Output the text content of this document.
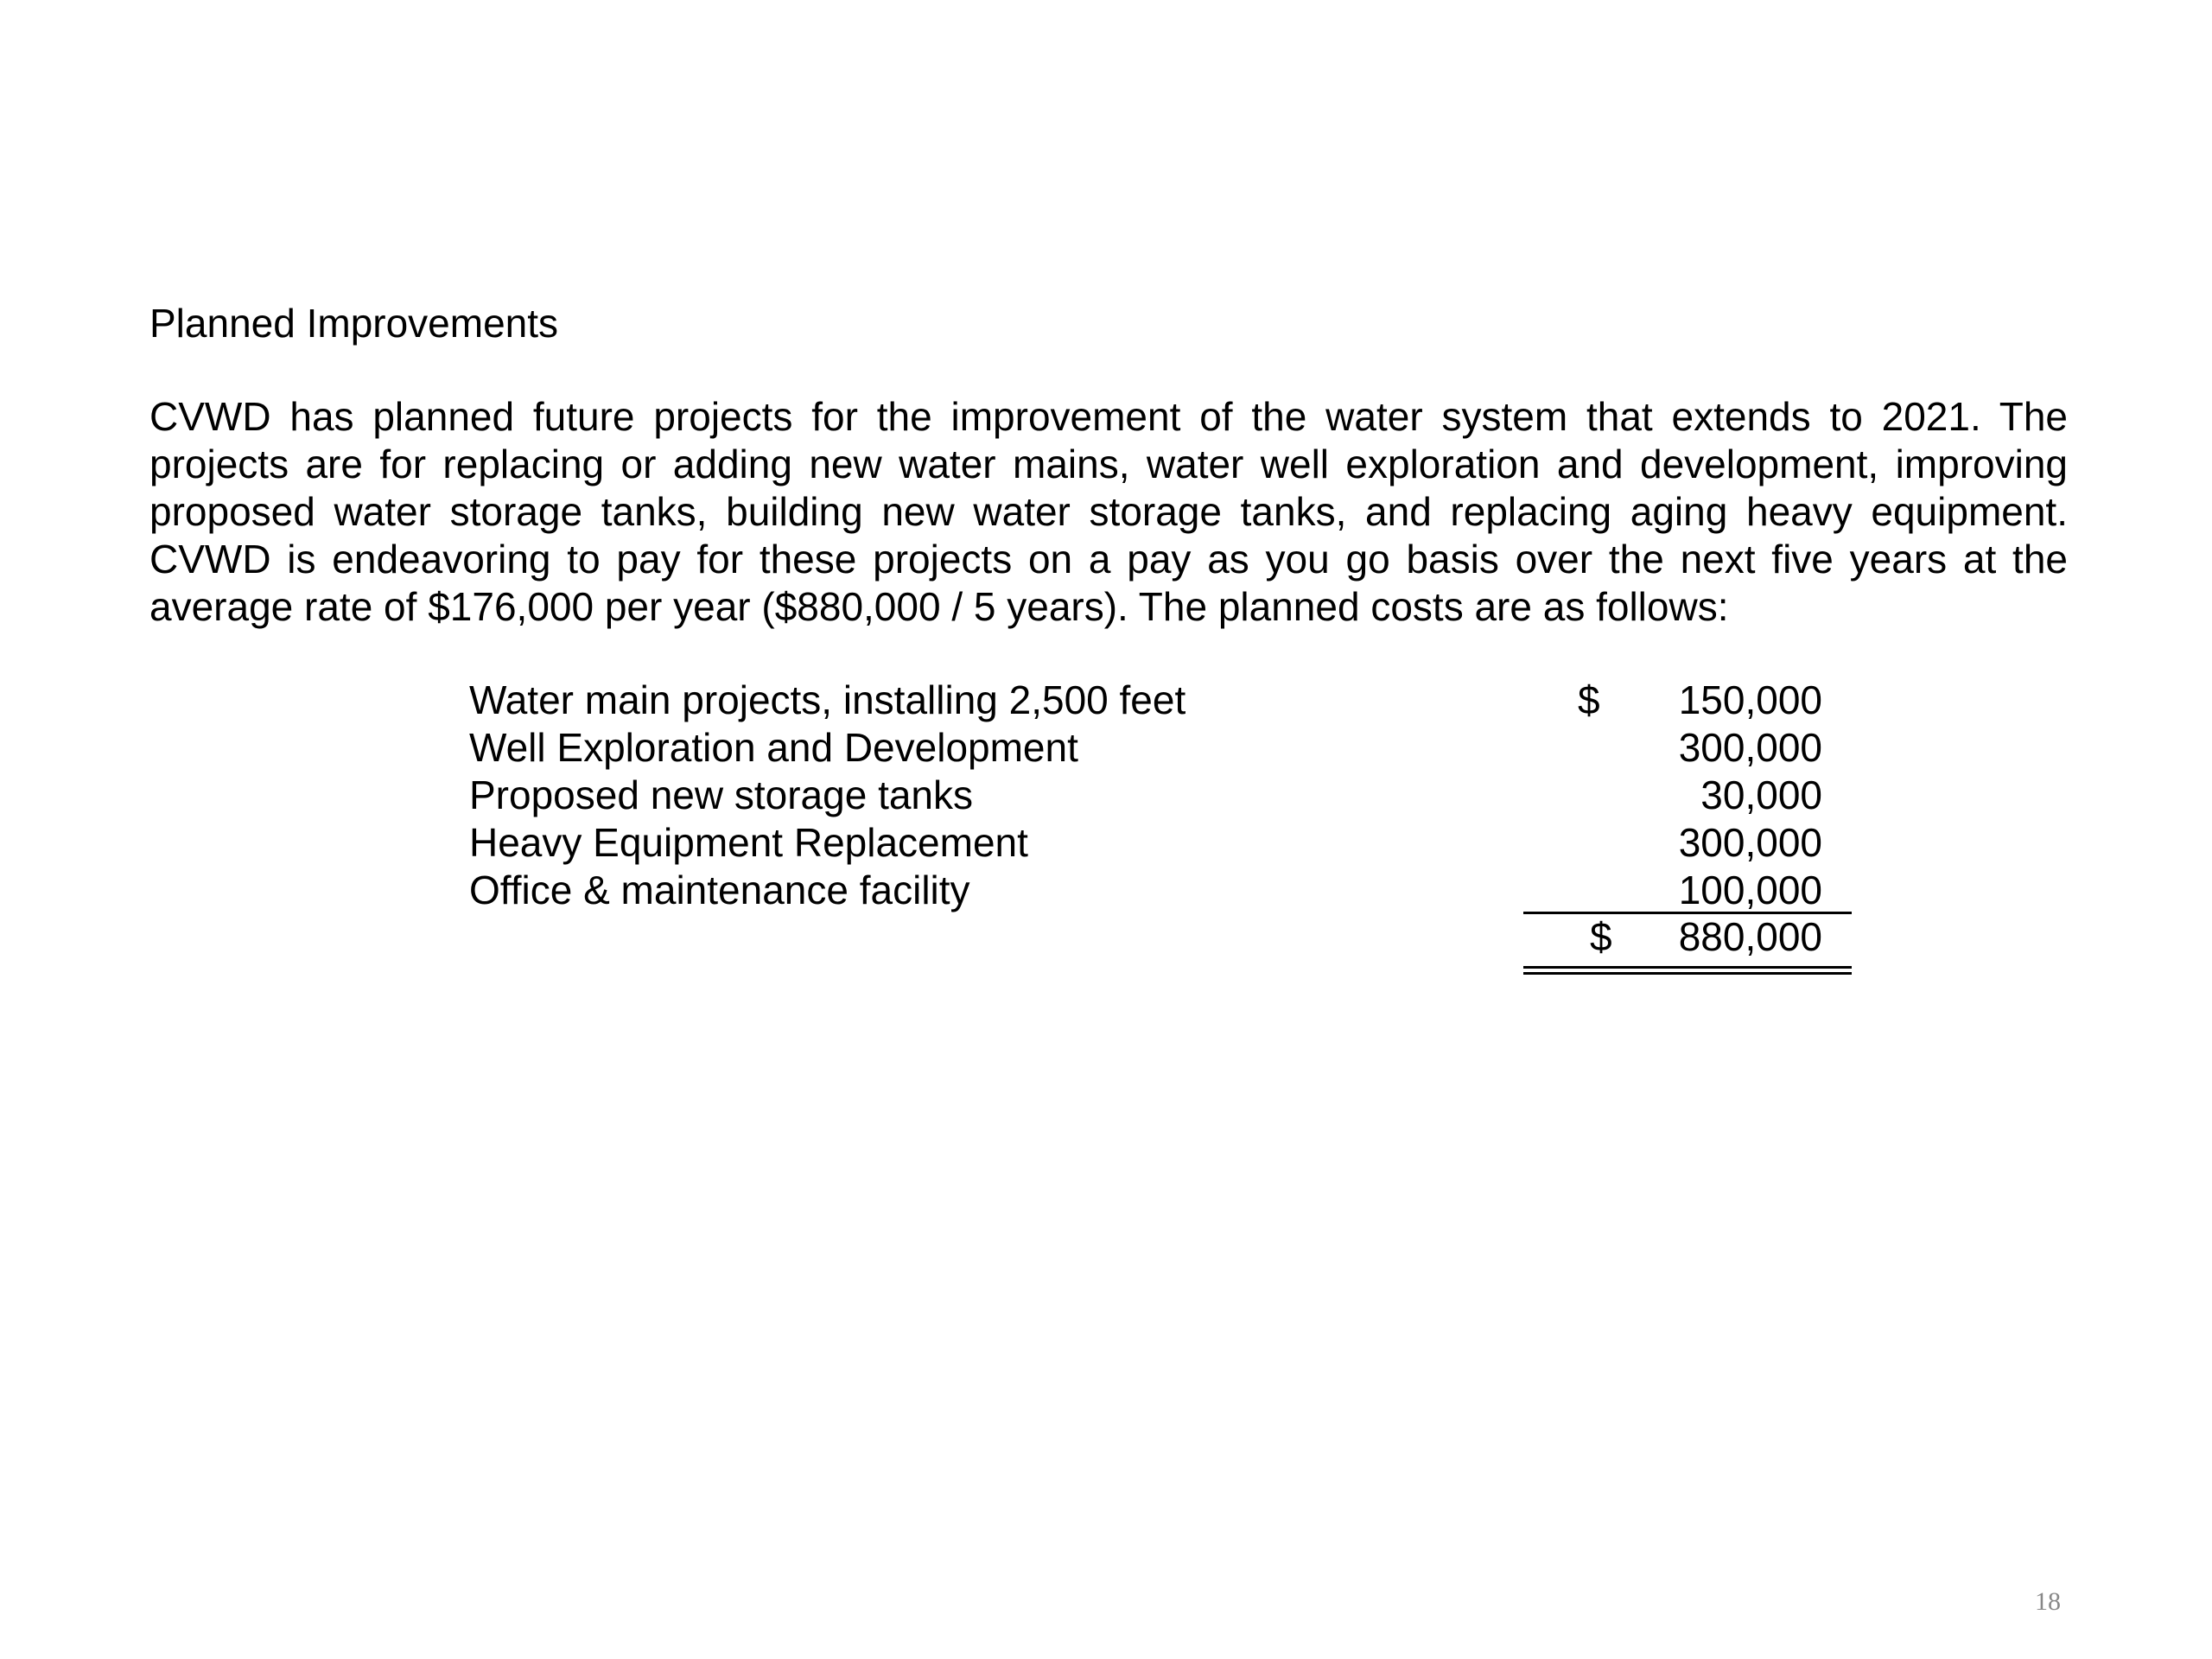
Planned Improvements
CVWD has planned future projects for the improvement of the water system that extends to 2021. The projects are for replacing or adding new water mains, water well exploration and development, improving proposed water storage tanks, building new water storage tanks, and replacing aging heavy equipment. CVWD is endeavoring to pay for these projects on a pay as you go basis over the next five years at the average rate of $176,000 per year ($880,000 / 5 years). The planned costs are as follows:
Water main projects, installing 2,500 feet	$ 150,000
Well Exploration and Development	300,000
Proposed new storage tanks	30,000
Heavy Equipment Replacement	300,000
Office & maintenance facility	100,000
$ 880,000
18
